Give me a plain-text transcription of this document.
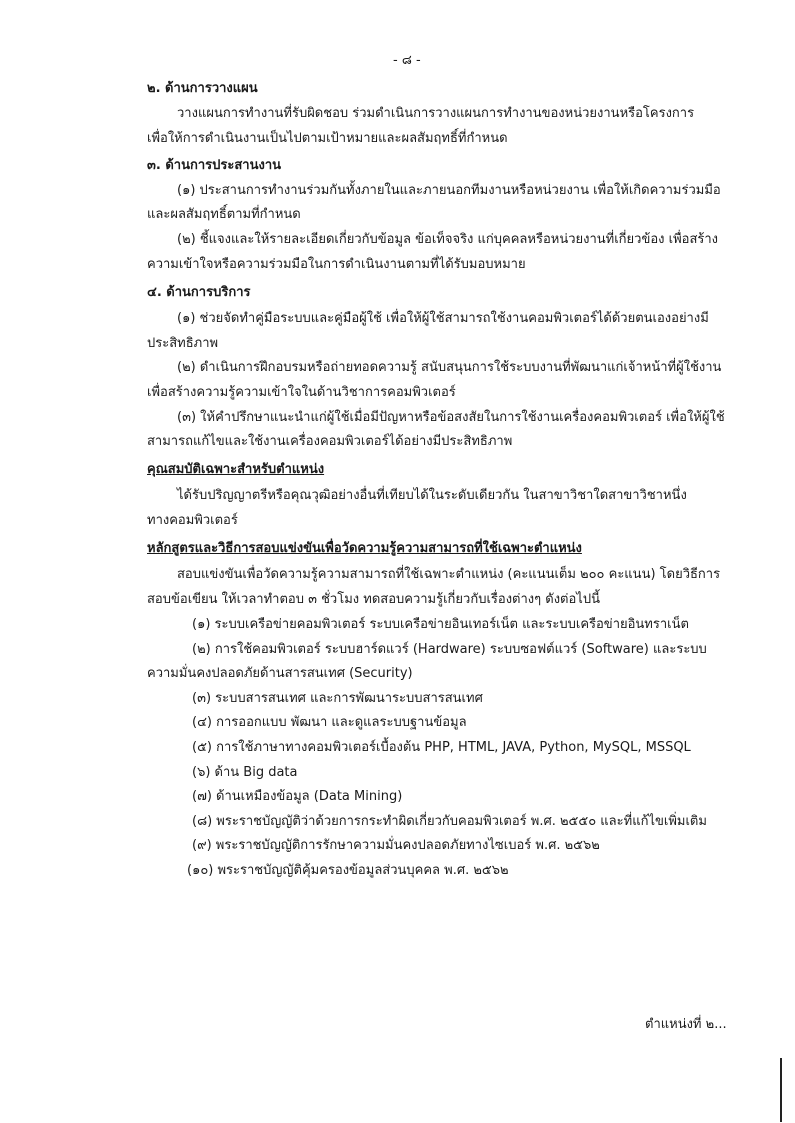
- ๘ -
๒. ด้านการวางแผน
วางแผนการทำงานที่รับผิดชอบ ร่วมดำเนินการวางแผนการทำงานของหน่วยงานหรือโครงการ
เพื่อให้การดำเนินงานเป็นไปตามเป้าหมายและผลสัมฤทธิ์ที่กำหนด
๓. ด้านการประสานงาน
(๑) ประสานการทำงานร่วมกันทั้งภายในและภายนอกทีมงานหรือหน่วยงาน เพื่อให้เกิดความร่วมมือ
และผลสัมฤทธิ์ตามที่กำหนด
(๒) ชี้แจงและให้รายละเอียดเกี่ยวกับข้อมูล ข้อเท็จจริง แก่บุคคลหรือหน่วยงานที่เกี่ยวข้อง เพื่อสร้าง
ความเข้าใจหรือความร่วมมือในการดำเนินงานตามที่ได้รับมอบหมาย
๔. ด้านการบริการ
(๑) ช่วยจัดทำคู่มือระบบและคู่มือผู้ใช้ เพื่อให้ผู้ใช้สามารถใช้งานคอมพิวเตอร์ได้ด้วยตนเองอย่างมี
ประสิทธิภาพ
(๒) ดำเนินการฝึกอบรมหรือถ่ายทอดความรู้ สนับสนุนการใช้ระบบงานที่พัฒนาแก่เจ้าหน้าที่ผู้ใช้งาน
เพื่อสร้างความรู้ความเข้าใจในด้านวิชาการคอมพิวเตอร์
(๓) ให้คำปรึกษาแนะนำแก่ผู้ใช้เมื่อมีปัญหาหรือข้อสงสัยในการใช้งานเครื่องคอมพิวเตอร์ เพื่อให้ผู้ใช้
สามารถแก้ไขและใช้งานเครื่องคอมพิวเตอร์ได้อย่างมีประสิทธิภาพ
คุณสมบัติเฉพาะสำหรับตำแหน่ง
ได้รับปริญญาตรีหรือคุณวุฒิอย่างอื่นที่เทียบได้ในระดับเดียวกัน ในสาขาวิชาใดสาขาวิชาหนึ่ง
ทางคอมพิวเตอร์
หลักสูตรและวิธีการสอบแข่งขันเพื่อวัดความรู้ความสามารถที่ใช้เฉพาะตำแหน่ง
สอบแข่งขันเพื่อวัดความรู้ความสามารถที่ใช้เฉพาะตำแหน่ง (คะแนนเต็ม ๒๐๐ คะแนน) โดยวิธีการ
สอบข้อเขียน ให้เวลาทำตอบ ๓ ชั่วโมง ทดสอบความรู้เกี่ยวกับเรื่องต่างๆ ดังต่อไปนี้
(๑) ระบบเครือข่ายคอมพิวเตอร์ ระบบเครือข่ายอินเทอร์เน็ต และระบบเครือข่ายอินทราเน็ต
(๒) การใช้คอมพิวเตอร์ ระบบฮาร์ดแวร์ (Hardware) ระบบซอฟต์แวร์ (Software) และระบบ
ความมั่นคงปลอดภัยด้านสารสนเทศ (Security)
(๓) ระบบสารสนเทศ และการพัฒนาระบบสารสนเทศ
(๔) การออกแบบ พัฒนา และดูแลระบบฐานข้อมูล
(๕) การใช้ภาษาทางคอมพิวเตอร์เบื้องต้น PHP, HTML, JAVA, Python, MySQL, MSSQL
(๖) ด้าน Big data
(๗) ด้านเหมืองข้อมูล (Data Mining)
(๘) พระราชบัญญัติว่าด้วยการกระทำผิดเกี่ยวกับคอมพิวเตอร์ พ.ศ. ๒๕๕๐ และที่แก้ไขเพิ่มเติม
(๙) พระราชบัญญัติการรักษาความมั่นคงปลอดภัยทางไซเบอร์ พ.ศ. ๒๕๖๒
(๑๐) พระราชบัญญัติคุ้มครองข้อมูลส่วนบุคคล พ.ศ. ๒๕๖๒
ตำแหน่งที่ ๒...
